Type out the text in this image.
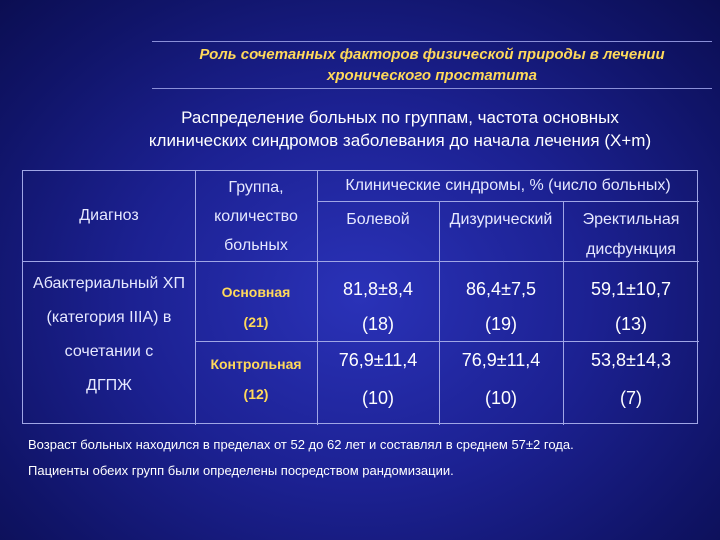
Роль сочетанных факторов физической природы в лечении
хронического простатита
Распределение больных по группам, частота основных
клинических синдромов заболевания до начала лечения (X+m)
Диагноз
Группа,
количество
больных
Клинические синдромы, % (число больных)
Болевой	Дизурический	Эректильная
дисфункция
Абактериальный ХП
(категория IIIА) в
сочетании с
ДГПЖ
Основная
(21)
81,8±8,4
(18)
86,4±7,5
(19)
59,1±10,7
(13)
Контрольная
(12)
76,9±11,4
(10)
76,9±11,4
(10)
53,8±14,3
(7)
Возраст больных находился в пределах от 52 до 62 лет и составлял в среднем 57±2 года.
Пациенты обеих групп были определены посредством рандомизации.
